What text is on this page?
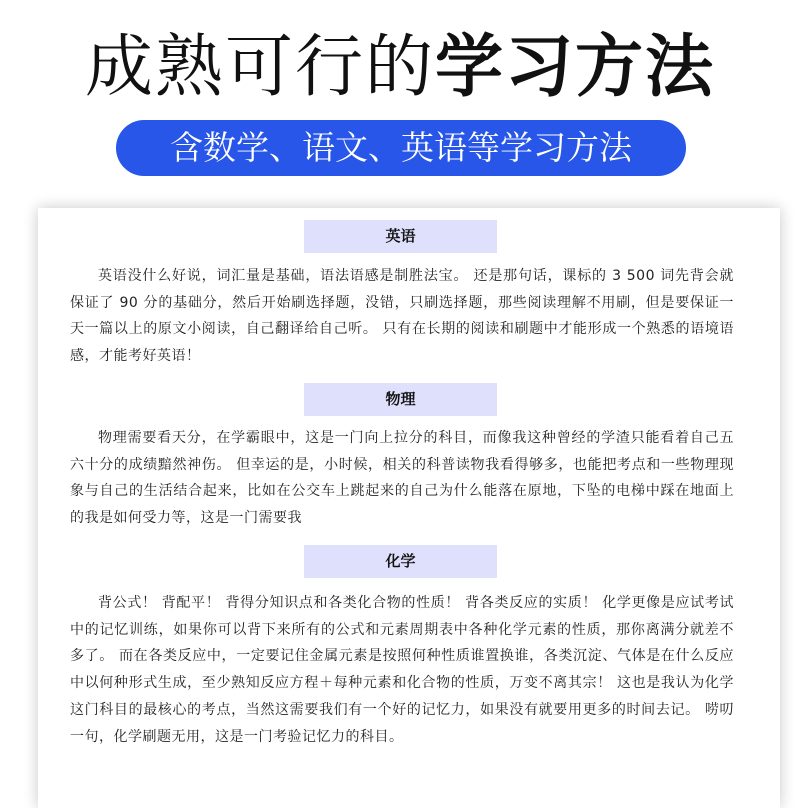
成熟可行的学习方法
含数学、语文、英语等学习方法
英语
英语没什么好说，词汇量是基础，语法语感是制胜法宝。 还是那句话，课标的 3 500 词先背会就保证了 90 分的基础分，然后开始刷选择题，没错，只刷选择题，那些阅读理解不用刷，但是要保证一天一篇以上的原文小阅读，自己翻译给自己听。 只有在长期的阅读和刷题中才能形成一个熟悉的语境语感，才能考好英语！
物理
物理需要看天分，在学霸眼中，这是一门向上拉分的科目，而像我这种曾经的学渣只能看着自己五六十分的成绩黯然神伤。 但幸运的是，小时候，相关的科普读物我看得够多，也能把考点和一些物理现象与自己的生活结合起来，比如在公交车上跳起来的自己为什么能落在原地，下坠的电梯中踩在地面上的我是如何受力等，这是一门需要我
化学
背公式！ 背配平！ 背得分知识点和各类化合物的性质！ 背各类反应的实质！ 化学更像是应试考试中的记忆训练，如果你可以背下来所有的公式和元素周期表中各种化学元素的性质，那你离满分就差不多了。 而在各类反应中，一定要记住金属元素是按照何种性质谁置换谁，各类沉淀、气体是在什么反应中以何种形式生成，至少熟知反应方程＋每种元素和化合物的性质，万变不离其宗！ 这也是我认为化学这门科目的最核心的考点，当然这需要我们有一个好的记忆力，如果没有就要用更多的时间去记。 唠叨一句，化学刷题无用，这是一门考验记忆力的科目。
